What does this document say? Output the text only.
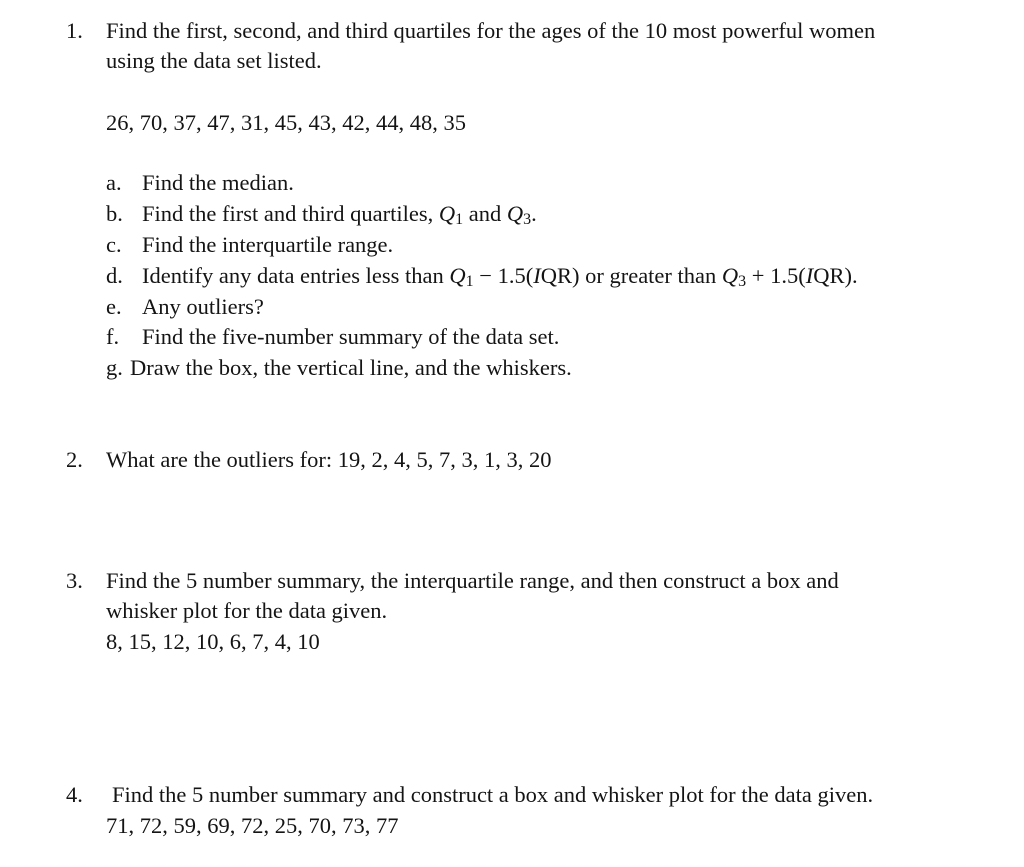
1. Find the first, second, and third quartiles for the ages of the 10 most powerful women
using the data set listed.
26, 70, 37, 47, 31, 45, 43, 42, 44, 48, 35
a. Find the median.
b. Find the first and third quartiles, Q1 and Q3.
c. Find the interquartile range.
d. Identify any data entries less than Q1 − 1.5(IQR) or greater than Q3 + 1.5(IQR).
e. Any outliers?
f. Find the five-number summary of the data set.
g. Draw the box, the vertical line, and the whiskers.
2. What are the outliers for: 19, 2, 4, 5, 7, 3, 1, 3, 20
3. Find the 5 number summary, the interquartile range, and then construct a box and
whisker plot for the data given.
8, 15, 12, 10, 6, 7, 4, 10
4. Find the 5 number summary and construct a box and whisker plot for the data given.
71, 72, 59, 69, 72, 25, 70, 73, 77
